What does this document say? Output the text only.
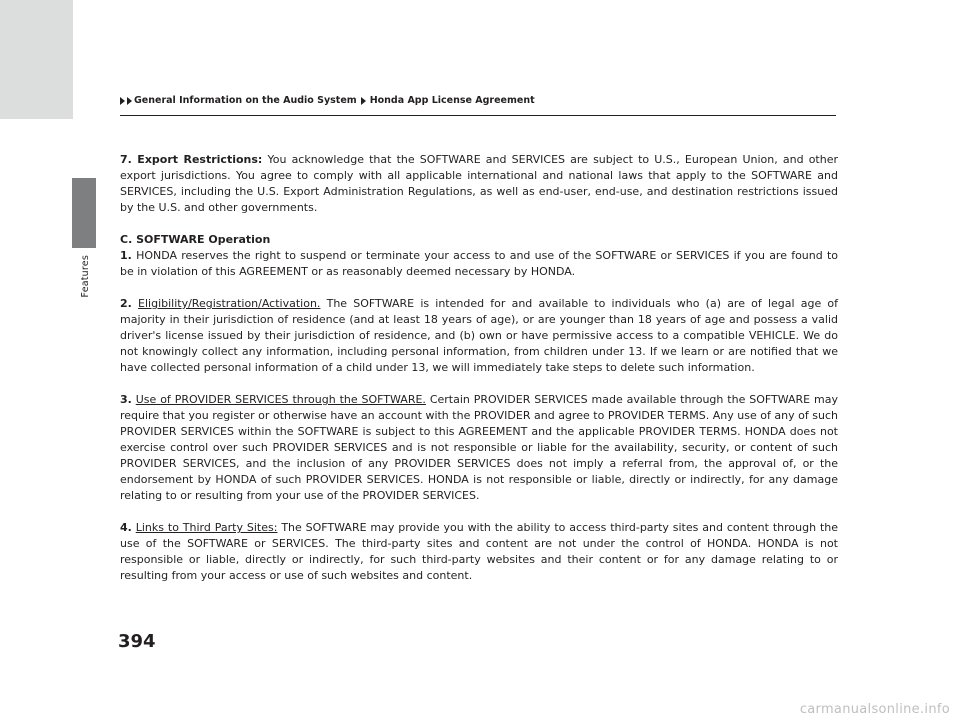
Features
General Information on the Audio System Honda App License Agreement

7. Export Restrictions: You acknowledge that the SOFTWARE and SERVICES are subject to U.S., European Union, and other export jurisdictions. You agree to comply with all applicable international and national laws that apply to the SOFTWARE and SERVICES, including the U.S. Export Administration Regulations, as well as end-user, end-use, and destination restrictions issued by the U.S. and other governments.

C. SOFTWARE Operation

1. HONDA reserves the right to suspend or terminate your access to and use of the SOFTWARE or SERVICES if you are found to be in violation of this AGREEMENT or as reasonably deemed necessary by HONDA.

2. Eligibility/Registration/Activation. The SOFTWARE is intended for and available to individuals who (a) are of legal age of majority in their jurisdiction of residence (and at least 18 years of age), or are younger than 18 years of age and possess a valid driver's license issued by their jurisdiction of residence, and (b) own or have permissive access to a compatible VEHICLE. We do not knowingly collect any information, including personal information, from children under 13. If we learn or are notified that we have collected personal information of a child under 13, we will immediately take steps to delete such information.

3. Use of PROVIDER SERVICES through the SOFTWARE. Certain PROVIDER SERVICES made available through the SOFTWARE may require that you register or otherwise have an account with the PROVIDER and agree to PROVIDER TERMS. Any use of any of such PROVIDER SERVICES within the SOFTWARE is subject to this AGREEMENT and the applicable PROVIDER TERMS. HONDA does not exercise control over such PROVIDER SERVICES and is not responsible or liable for the availability, security, or content of such PROVIDER SERVICES, and the inclusion of any PROVIDER SERVICES does not imply a referral from, the approval of, or the endorsement by HONDA of such PROVIDER SERVICES. HONDA is not responsible or liable, directly or indirectly, for any damage relating to or resulting from your use of the PROVIDER SERVICES.

4. Links to Third Party Sites: The SOFTWARE may provide you with the ability to access third-party sites and content through the use of the SOFTWARE or SERVICES. The third-party sites and content are not under the control of HONDA. HONDA is not responsible or liable, directly or indirectly, for such third-party websites and their content or for any damage relating to or resulting from your access or use of such websites and content.

394
carmanualsonline.info
